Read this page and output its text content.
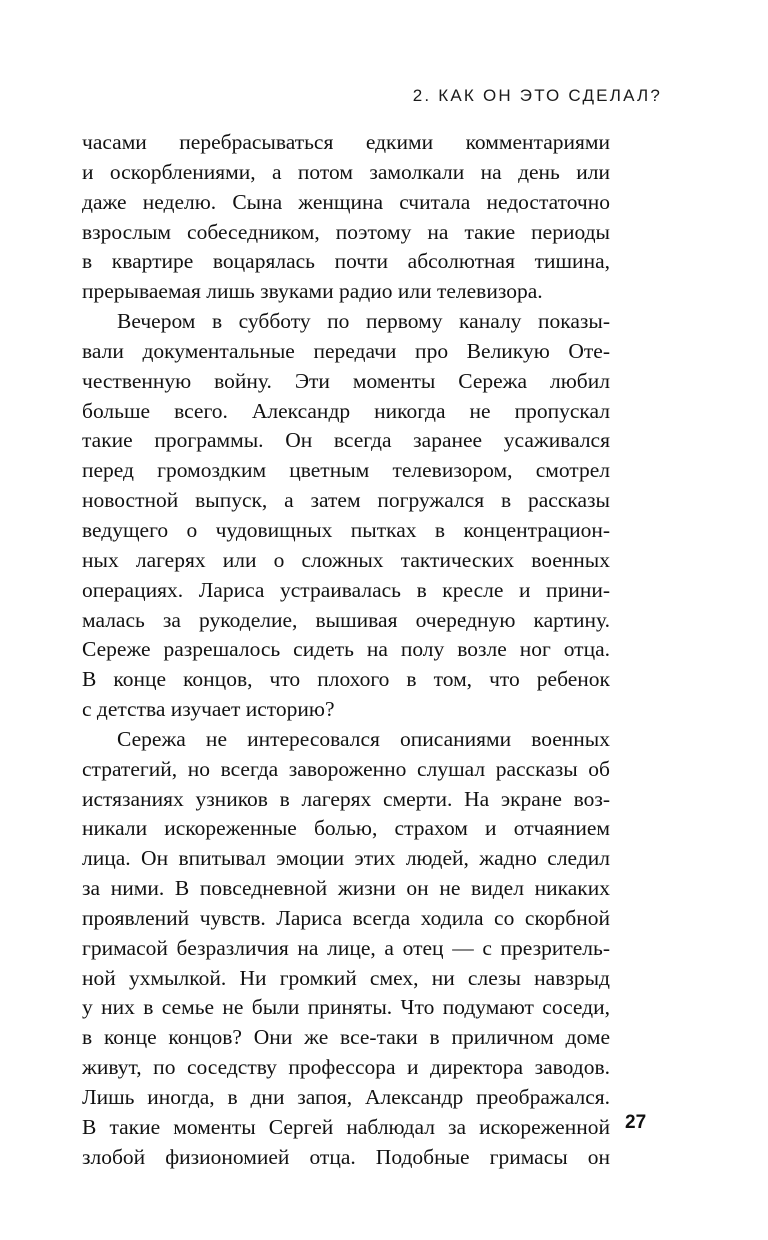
2. КАК ОН ЭТО СДЕЛАЛ?
часами перебрасываться едкими комментариями
и оскорблениями, а потом замолкали на день или
даже неделю. Сына женщина считала недостаточно
взрослым собеседником, поэтому на такие периоды
в квартире воцарялась почти абсолютная тишина,
прерываемая лишь звуками радио или телевизора.
Вечером в субботу по первому каналу показы-
вали документальные передачи про Великую Оте-
чественную войну. Эти моменты Сережа любил
больше всего. Александр никогда не пропускал
такие программы. Он всегда заранее усаживался
перед громоздким цветным телевизором, смотрел
новостной выпуск, а затем погружался в рассказы
ведущего о чудовищных пытках в концентрацион-
ных лагерях или о сложных тактических военных
операциях. Лариса устраивалась в кресле и прини-
малась за рукоделие, вышивая очередную картину.
Сереже разрешалось сидеть на полу возле ног отца.
В конце концов, что плохого в том, что ребенок
с детства изучает историю?
Сережа не интересовался описаниями военных
стратегий, но всегда завороженно слушал рассказы об
истязаниях узников в лагерях смерти. На экране воз-
никали искореженные болью, страхом и отчаянием
лица. Он впитывал эмоции этих людей, жадно следил
за ними. В повседневной жизни он не видел никаких
проявлений чувств. Лариса всегда ходила со скорбной
гримасой безразличия на лице, а отец — с презритель-
ной ухмылкой. Ни громкий смех, ни слезы навзрыд
у них в семье не были приняты. Что подумают соседи,
в конце концов? Они же все-таки в приличном доме
живут, по соседству профессора и директора заводов.
Лишь иногда, в дни запоя, Александр преображался.
В такие моменты Сергей наблюдал за искореженной
злобой физиономией отца. Подобные гримасы он
27
